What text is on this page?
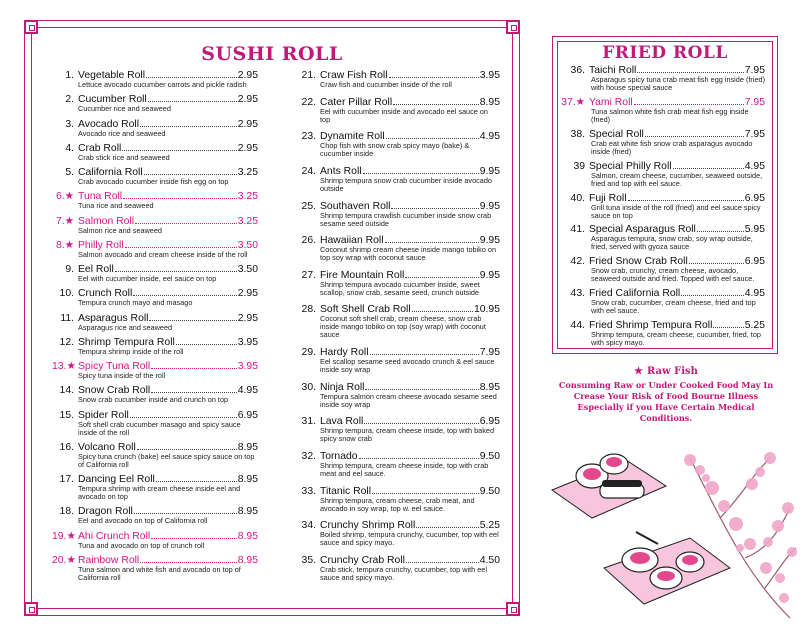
SUSHI ROLL
1. Vegetable Roll	2.95
Lettuce avocado cucumber carrots and pickle radish
2. Cucumber Roll	2.95
Cucumber rice and seaweed
3. Avocado Roll	2.95
Avocado rice and seaweed
4. Crab Roll	2.95
Crab stick rice and seaweed
5. California Roll	3.25
Crab avocado cucumber inside fish egg on top
6.★ Tuna Roll	3.25
Tuna rice and seaweed
7.★ Salmon Roll	3.25
Salmon rice and seaweed
8.★ Philly Roll	3.50
Salmon avocado and cream cheese inside of the roll
9. Eel Roll	3.50
Eel with cucumber inside, eel sauce on top
10. Crunch Roll	2.95
Tempura crunch mayo and masago
11. Asparagus Roll	2.95
Asparagus rice and seaweed
12. Shrimp Tempura Roll	3.95
Tempura shrimp inside of the roll
13.★ Spicy Tuna Roll	3.95
Spicy tuna inside of the roll
14. Snow Crab Roll	4.95
Snow crab cucumber inside and crunch on top
15. Spider Roll	6.95
Soft shell crab cucumber masago and spicy sauce inside of the roll
16. Volcano Roll	8.95
Spicy tuna crunch (bake) eel sauce spicy sauce on top of California roll
17. Dancing Eel Roll	8.95
Tempura shrimp with cream cheese inside eel and avocado on top
18. Dragon Roll	8.95
Eel and avocado on top of California roll
19.★ Ahi Crunch Roll	8.95
Tuna and avocado on top of crunch roll
20.★ Rainbow Roll	8.95
Tuna salmon and white fish and avocado on top of California roll
21. Craw Fish Roll	3.95
Craw fish and cucumber inside of the roll
22. Cater Pillar Roll	8.95
Eel with cucumber inside and avocado eel sauce on top
23. Dynamite Roll	4.95
Chop fish with snow crab spicy mayo (bake) & cucumber inside
24. Ants Roll	9.95
Shrimp tempura snow crab cucumber inside avocado outside
25. Southaven Roll	9.95
Shrimp tempura crawfish cucumber inside snow crab sesame seed outside
26. Hawaiian Roll	9.95
Coconut shrimp cream cheese inside mango tobiko on top soy wrap with coconut sauce
27. Fire Mountain Roll	9.95
Shrimp tempura avocado cucumber inside, sweet scallop, snow crab, sesame seed, crunch outside
28. Soft Shell Crab Roll	10.95
Coconut soft shell crab, cream cheese, snow crab inside mango tobiko on top (soy wrap) with coconut sauce
29. Hardy Roll	7.95
Eel scallop sesame seed avocado crunch & eel sauce inside soy wrap
30. Ninja Roll	8.95
Tempura salmon cream cheese avocado sesame seed inside soy wrap
31. Lava Roll	6.95
Shrimp tempura, cream cheese inside, top with baked spicy snow crab
32. Tornado	9.50
Shrimp tempura, cream cheese inside, top with crab meat and eel sauce.
33. Titanic Roll	9.50
Shrimp tempura, cream cheese, crab meat, and avocado in soy wrap, top w. eel sauce.
34. Crunchy Shrimp Roll	5.25
Boiled shrimp, tempura crunchy, cucumber, top with eel sauce and spicy mayo.
35. Crunchy Crab Roll	4.50
Crab stick, tempura crunchy, cucumber, top with eel sauce and spicy mayo.
FRIED ROLL
36. Taichi Roll	7.95
Asparagus spicy tuna crab meat fish egg inside (fried) with house special sauce
37.★ Yami Roll	7.95
Tuna salmon white fish crab meat fish egg inside (fried)
38. Special Roll	7.95
Crab eat white fish snow crab asparagus avocado inside (fried)
39 Special Philly Roll	4.95
Salmon, cream cheese, cucumber, seaweed outside, fried and top with eel sauce.
40. Fuji Roll	6.95
Grill tuna inside of the roll (fried) and eel sauce spicy sauce on top
41. Special Asparagus Roll	5.95
Asparagus tempura, snow crab, soy wrap outside, fried, served with gyoza sauce
42. Fried Snow Crab Roll	6.95
Snow crab, crunchy, cream cheese, avocado, seaweed outside and fried. Topped with eel sauce.
43. Fried California Roll	4.95
Snow crab, cucumber, cream cheese, fried and top with eel sauce.
44. Fried Shrimp Tempura Roll	5.25
Shrimp tempura, cream cheese, cucumber, fried, top with spicy mayo.
★ Raw Fish
Consuming Raw or Under Cooked Food May In Crease Your Risk of Food Bourne Illness Especially if you Have Certain Medical Conditions.
